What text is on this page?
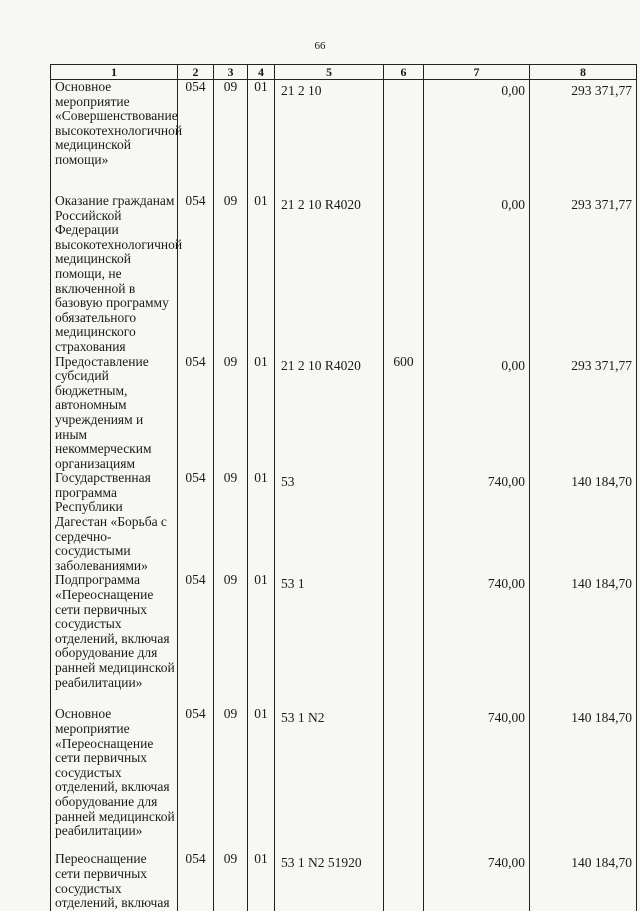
66
1	2	3	4	5	6	7	8
Основное мероприятие «Совершенствование высокотехнологичной медицинской помощи»	054	09	01	21 2 10		0,00	293 371,77
Оказание гражданам Российской Федерации высокотехнологичной медицинской помощи, не включенной в базовую программу обязательного медицинского страхования	054	09	01	21 2 10 R4020		0,00	293 371,77
Предоставление субсидий бюджетным, автономным учреждениям и иным некоммерческим организациям	054	09	01	21 2 10 R4020	600	0,00	293 371,77
Государственная программа Республики Дагестан «Борьба с сердечно-сосудистыми заболеваниями»	054	09	01	53		740,00	140 184,70
Подпрограмма «Переоснащение сети первичных сосудистых отделений, включая оборудование для ранней медицинской реабилитации»	054	09	01	53 1		740,00	140 184,70
Основное мероприятие «Переоснащение сети первичных сосудистых отделений, включая оборудование для ранней медицинской реабилитации»	054	09	01	53 1 N2		740,00	140 184,70
Переоснащение сети первичных сосудистых отделений, включая	054	09	01	53 1 N2 51920		740,00	140 184,70
